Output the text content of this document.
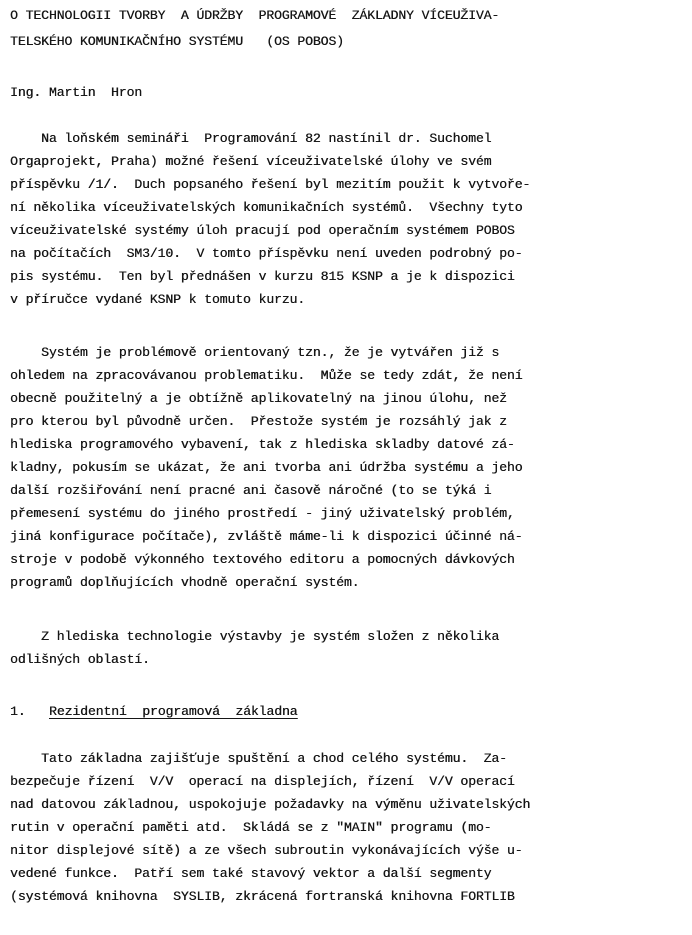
O TECHNOLOGII TVORBY  A ÚDRŽBY  PROGRAMOVÉ  ZÁKLADNY VÍCEUŽIVA-
TELSKÉHO KOMUNIKAČNÍHO SYSTÉMU   (OS POBOS)
Ing. Martin  Hron
Na loňském semináři  Programování 82 nastínil dr. Suchomel
Orgaprojekt, Praha) možné řešení víceuživatelské úlohy ve svém
příspěvku /1/.  Duch popsaného řešení byl mezitím použit k vytvoře-
ní několika víceuživatelských komunikačních systémů.  Všechny tyto
víceuživatelské systémy úloh pracují pod operačním systémem POBOS
na počítačích  SM3/10.  V tomto příspěvku není uveden podrobný po-
pis systému.  Ten byl přednášen v kurzu 815 KSNP a je k dispozici
v příručce vydané KSNP k tomuto kurzu.
Systém je problémově orientovaný tzn., že je vytvářen již s
ohledem na zpracovávanou problematiku.  Může se tedy zdát, že není
obecně použitelný a je obtížně aplikovatelný na jinou úlohu, než
pro kterou byl původně určen.  Přestože systém je rozsáhlý jak z
hlediska programového vybavení, tak z hlediska skladby datové zá-
kladny, pokusím se ukázat, že ani tvorba ani údržba systému a jeho
další rozšiřování není pracné ani časově náročné (to se týká i
přemesení systému do jiného prostředí - jiný uživatelský problém,
jiná konfigurace počítače), zvláště máme-li k dispozici účinné ná-
stroje v podobě výkonného textového editoru a pomocných dávkových
programů doplňujících vhodně operační systém.
Z hlediska technologie výstavby je systém složen z několika
odlišných oblastí.
1. Rezidentní  programová  základna
Tato základna zajišťuje spuštění a chod celého systému.  Za-
bezpečuje řízení  V/V  operací na displejích, řízení  V/V operací
nad datovou základnou, uspokojuje požadavky na výměnu uživatelských
rutin v operační paměti atd.  Skládá se z "MAIN" programu (mo-
nitor displejové sítě) a ze všech subroutin vykonávajících výše u-
vedené funkce.  Patří sem také stavový vektor a další segmenty
(systémová knihovna  SYSLIB, zkrácená fortranská knihovna FORTLIB
